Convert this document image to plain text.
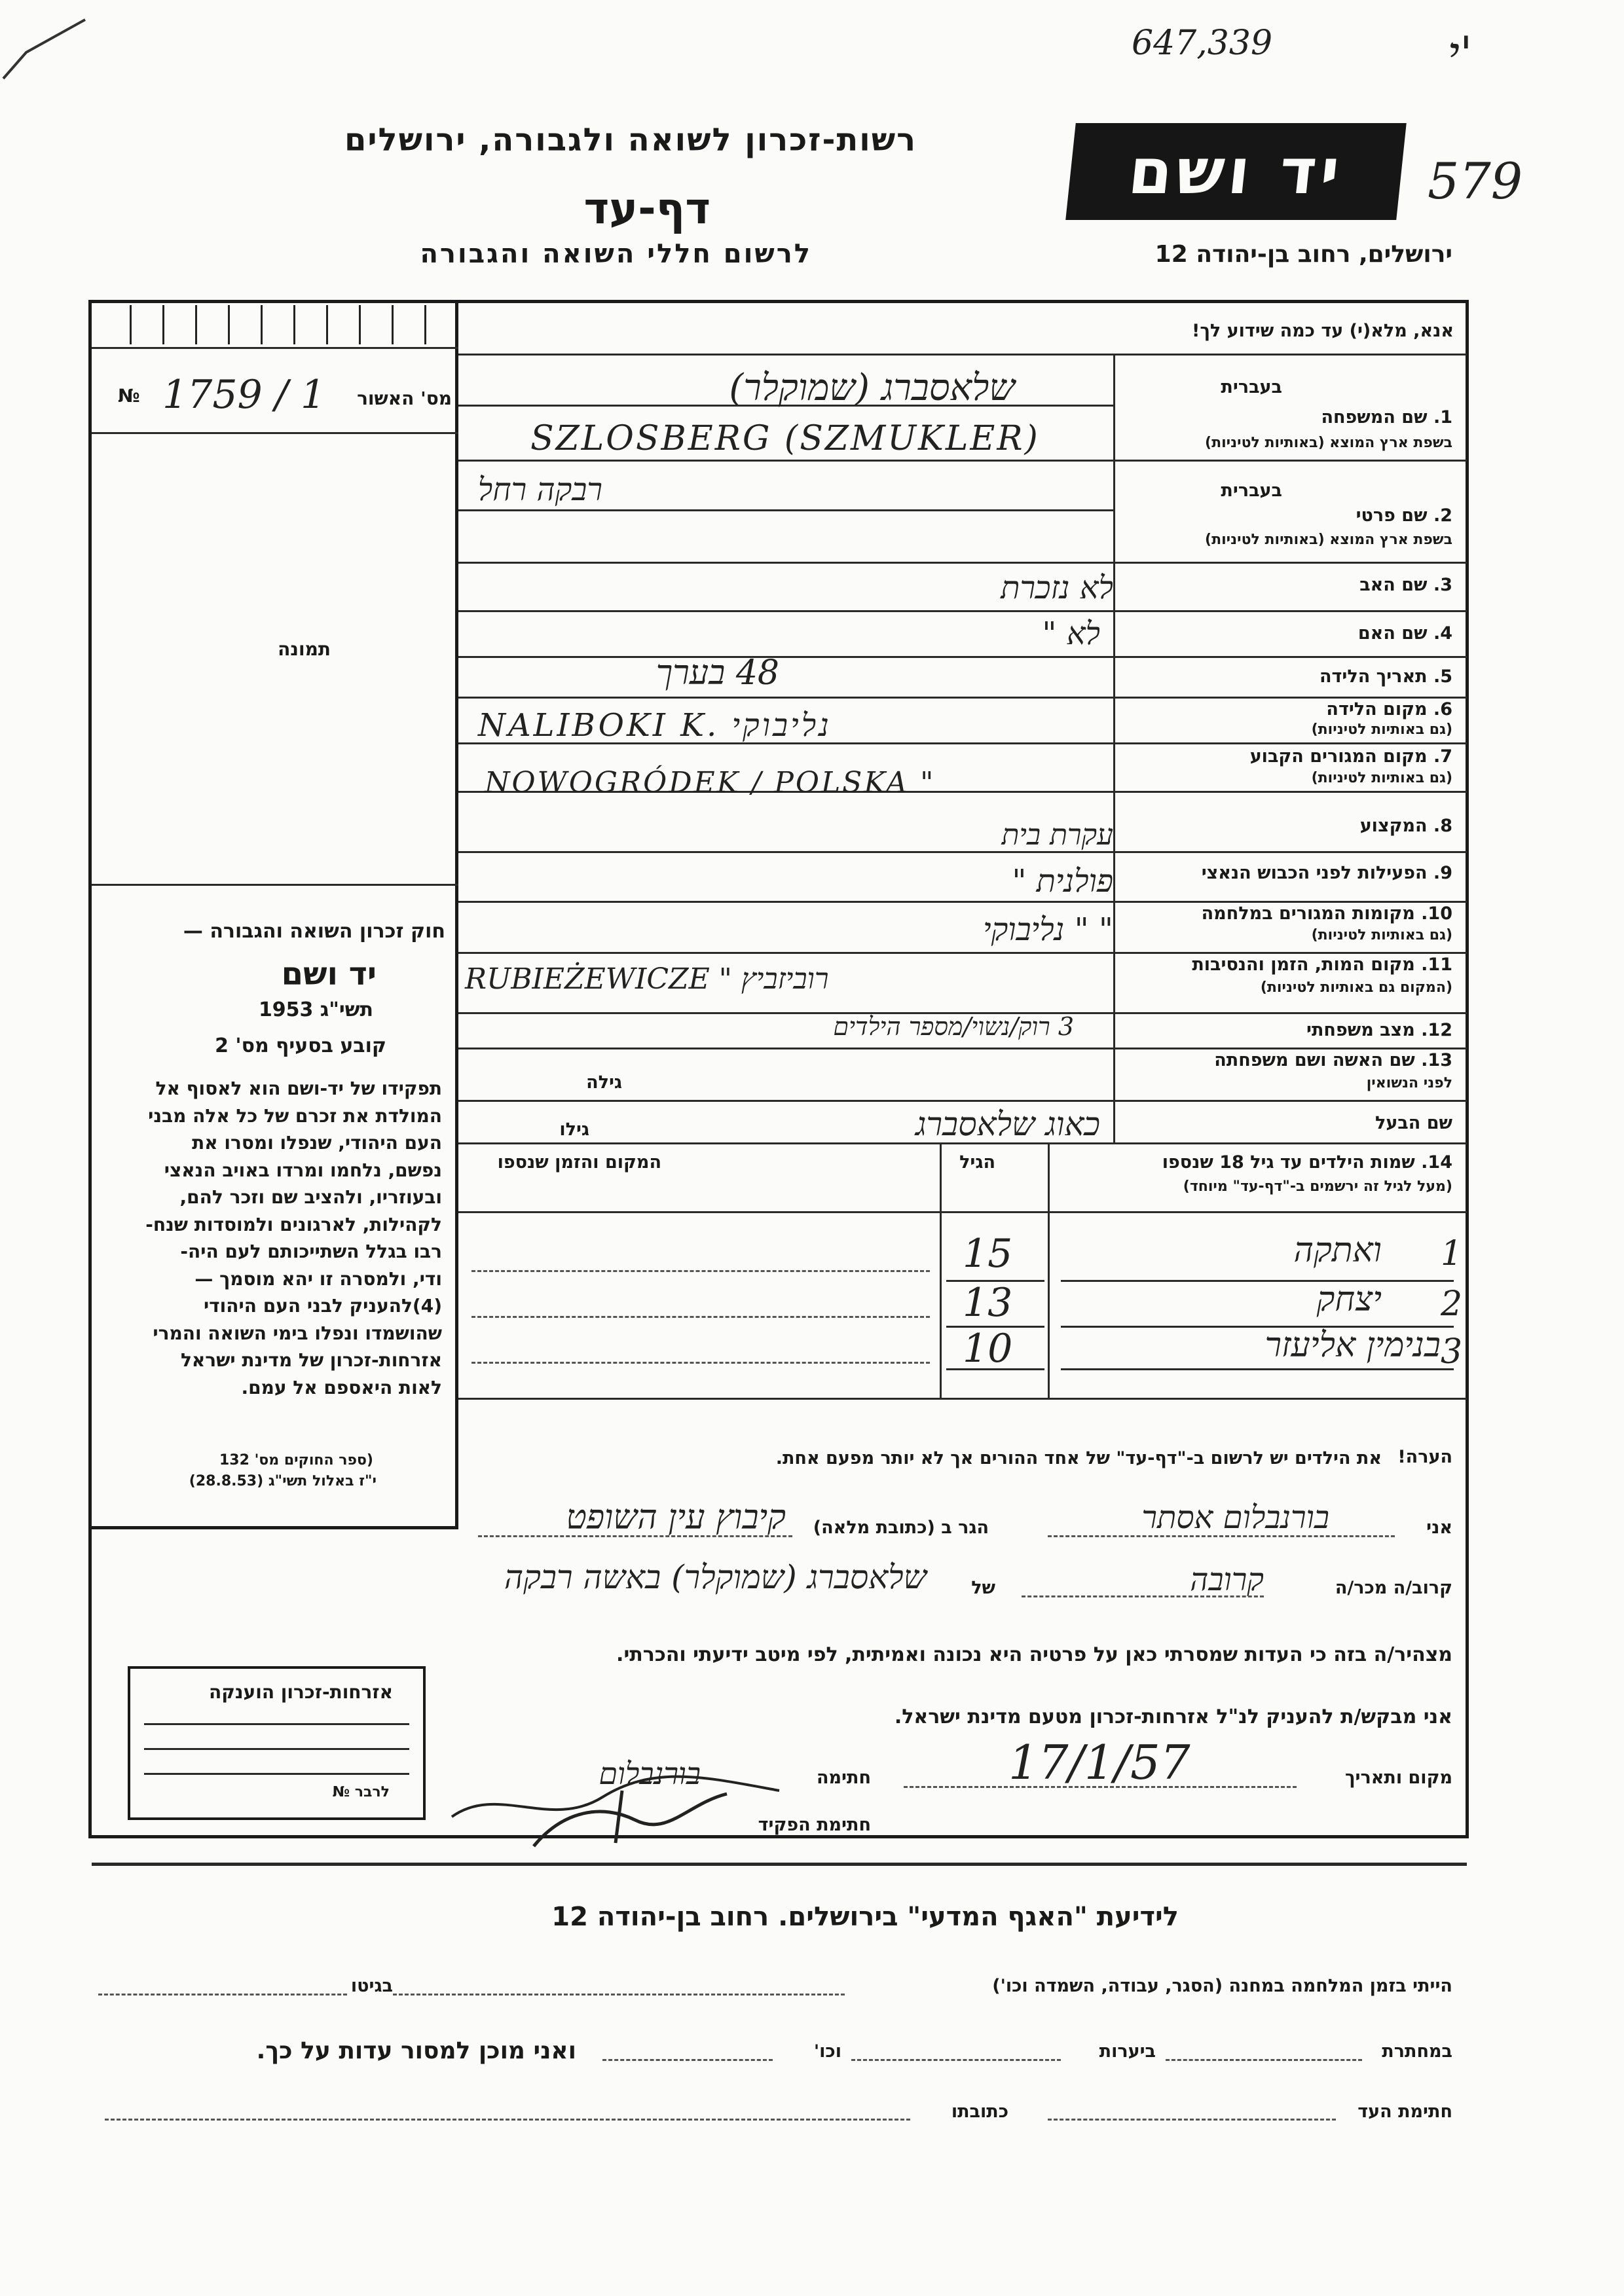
647,339	י'
579
רשות-זכרון לשואה ולגבורה, ירושלים
דף-עד
לרשום חללי השואה והגבורה
יד ושם
ירושלים, רחוב בן-יהודה 12
№ 1759 / 1 מס' האשור
תמונה
חוק זכרון השואה והגבורה —
יד ושם
תשי"ג 1953
קובע בסעיף מס' 2
תפקידו של יד-ושם הוא לאסוף אל
המולדת את זכרם של כל אלה מבני
העם היהודי, שנפלו ומסרו את
נפשם, נלחמו ומרדו באויב הנאצי
ובעוזריו, ולהציב שם וזכר להם,
לקהילות, לארגונים ולמוסדות שנח-
רבו בגלל השתייכותם לעם היה-
ודי, ולמסרה זו יהא מוסמך —
(4)להעניק לבני העם היהודי
שהושמדו ונפלו בימי השואה והמרי
אזרחות-זכרון של מדינת ישראל
לאות היאספם אל עמם.
(ספר החוקים מס' 132
י"ז באלול תשי"ג (28.8.53)
אנא, מלא(י) עד כמה שידוע לך!
בעברית
1. שם המשפחה
בשפת ארץ המוצא (באותיות לטיניות)
בעברית
2. שם פרטי
בשפת ארץ המוצא (באותיות לטיניות)
3. שם האב
4. שם האם
5. תאריך הלידה
6. מקום הלידה
(גם באותיות לטיניות)
7. מקום המגורים הקבוע
(גם באותיות לטיניות)
8. המקצוע
9. הפעילות לפני הכבוש הנאצי
10. מקומות המגורים במלחמה
(גם באותיות לטיניות)
11. מקום המות, הזמן והנסיבות
(המקום גם באותיות לטיניות)
12. מצב משפחתי
13. שם האשה ושם משפחתה
לפני הנשואין
שם הבעל
שלאסברג (שמוקלר)
SZLOSBERG (SZMUKLER)
רבקה רחל
לא נזכרת
לא "
48 בערך
NALIBOKI K. נליבוקי
NOWOGRÓDEK / POLSKA "
עקרת בית
פולנית "
" " נליבוקי
RUBIEŻEWICZE " רוביזביץ
3 רוק/נשוי/מספר הילדים
גילה
גילו	כאוג שלאסברג
14. שמות הילדים עד גיל 18 שנספו
(מעל לגיל זה ירשמים ב-"דף-עד" מיוחד)
הגיל
המקום והזמן שנספו
1
ואתקה
15
2
יצחק
13
3
בנימין אליעזר
10
הערה!
את הילדים יש לרשום ב-"דף-עד" של אחד ההורים אך לא יותר מפעם אחת.
אני
בורנבלום אסתר
הגר ב (כתובת מלאה)
קיבוץ עין השופט
קרוב/ה מכר/ה
קרובה
של
שלאסברג (שמוקלר) באשה רבקה
מצהיר/ה בזה כי העדות שמסרתי כאן על פרטיה היא נכונה ואמיתית, לפי מיטב ידיעתי והכרתי.
אני מבקש/ת להעניק לנ"ל אזרחות-זכרון מטעם מדינת ישראל.
מקום ותאריך
17/1/57
חתימה
בורנבלום
חתימת הפקיד
אזרחות-זכרון הוענקה
לרבר №
לידיעת "האגף המדעי" בירושלים. רחוב בן-יהודה 12
הייתי בזמן המלחמה במחנה (הסגר, עבודה, השמדה וכו')
בגיטו
במחתרת
ביערות
וכו'
ואני מוכן למסור עדות על כך.
חתימת העד
כתובתו
